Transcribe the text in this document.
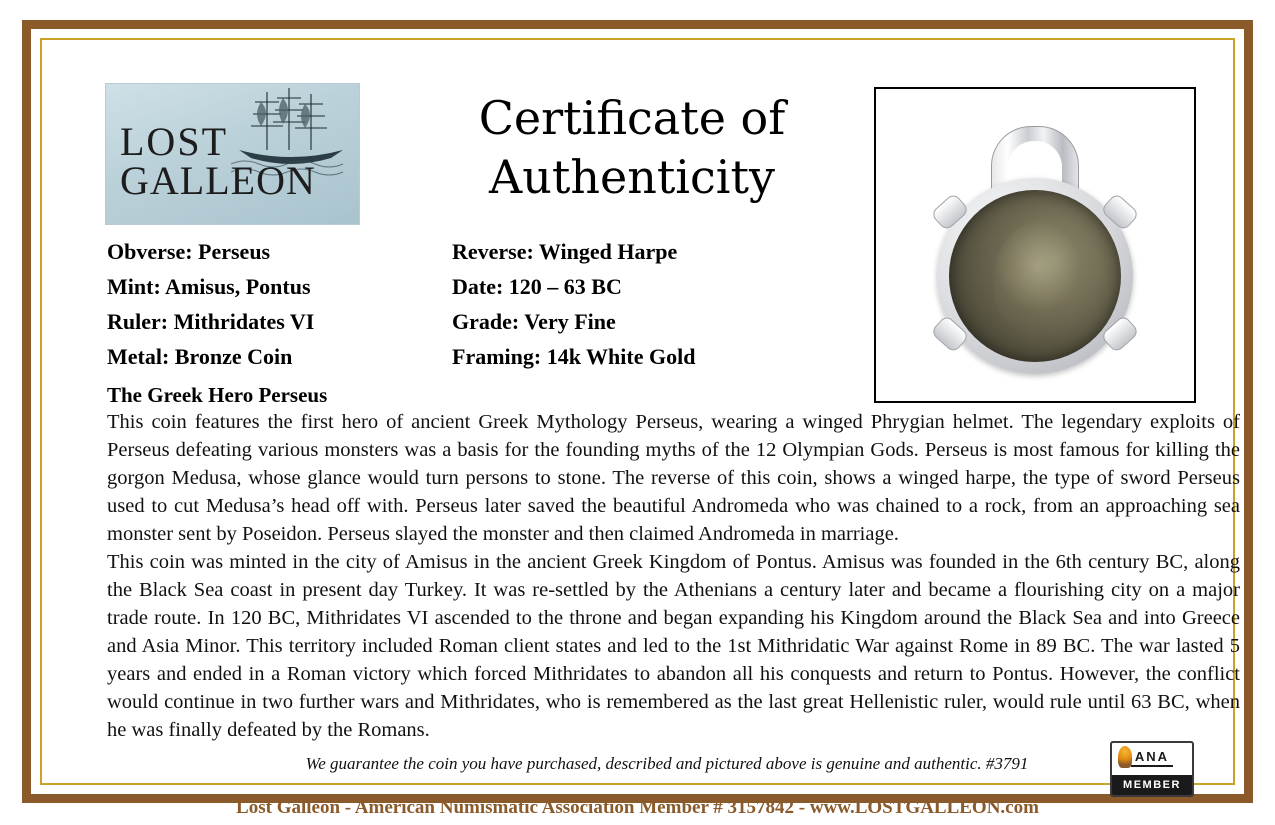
LOST
GALLEON
Certificate of
Authenticity
Obverse: Perseus	Reverse: Winged Harpe
Mint: Amisus, Pontus	Date: 120 – 63 BC
Ruler: Mithridates VI	Grade: Very Fine
Metal: Bronze Coin	Framing: 14k White Gold
The Greek Hero Perseus

This coin features the first hero of ancient Greek Mythology Perseus, wearing a winged Phrygian helmet. The legendary exploits of Perseus defeating various monsters was a basis for the founding myths of the 12 Olympian Gods. Perseus is most famous for killing the gorgon Medusa, whose glance would turn persons to stone. The reverse of this coin, shows a winged harpe, the type of sword Perseus used to cut Medusa’s head off with. Perseus later saved the beautiful Andromeda who was chained to a rock, from an approaching sea monster sent by Poseidon. Perseus slayed the monster and then claimed Andromeda in marriage.

This coin was minted in the city of Amisus in the ancient Greek Kingdom of Pontus. Amisus was founded in the 6th century BC, along the Black Sea coast in present day Turkey. It was re-settled by the Athenians a century later and became a flourishing city on a major trade route. In 120 BC, Mithridates VI ascended to the throne and began expanding his Kingdom around the Black Sea and into Greece and Asia Minor. This territory included Roman client states and led to the 1st Mithridatic War against Rome in 89 BC. The war lasted 5 years and ended in a Roman victory which forced Mithridates to abandon all his conquests and return to Pontus. However, the conflict would continue in two further wars and Mithridates, who is remembered as the last great Hellenistic ruler, would rule until 63 BC, when he was finally defeated by the Romans.

We guarantee the coin you have purchased, described and pictured above is genuine and authentic. #3791	ANA
MEMBER
Lost Galleon - American Numismatic Association Member # 3157842 - www.LOSTGALLEON.com
